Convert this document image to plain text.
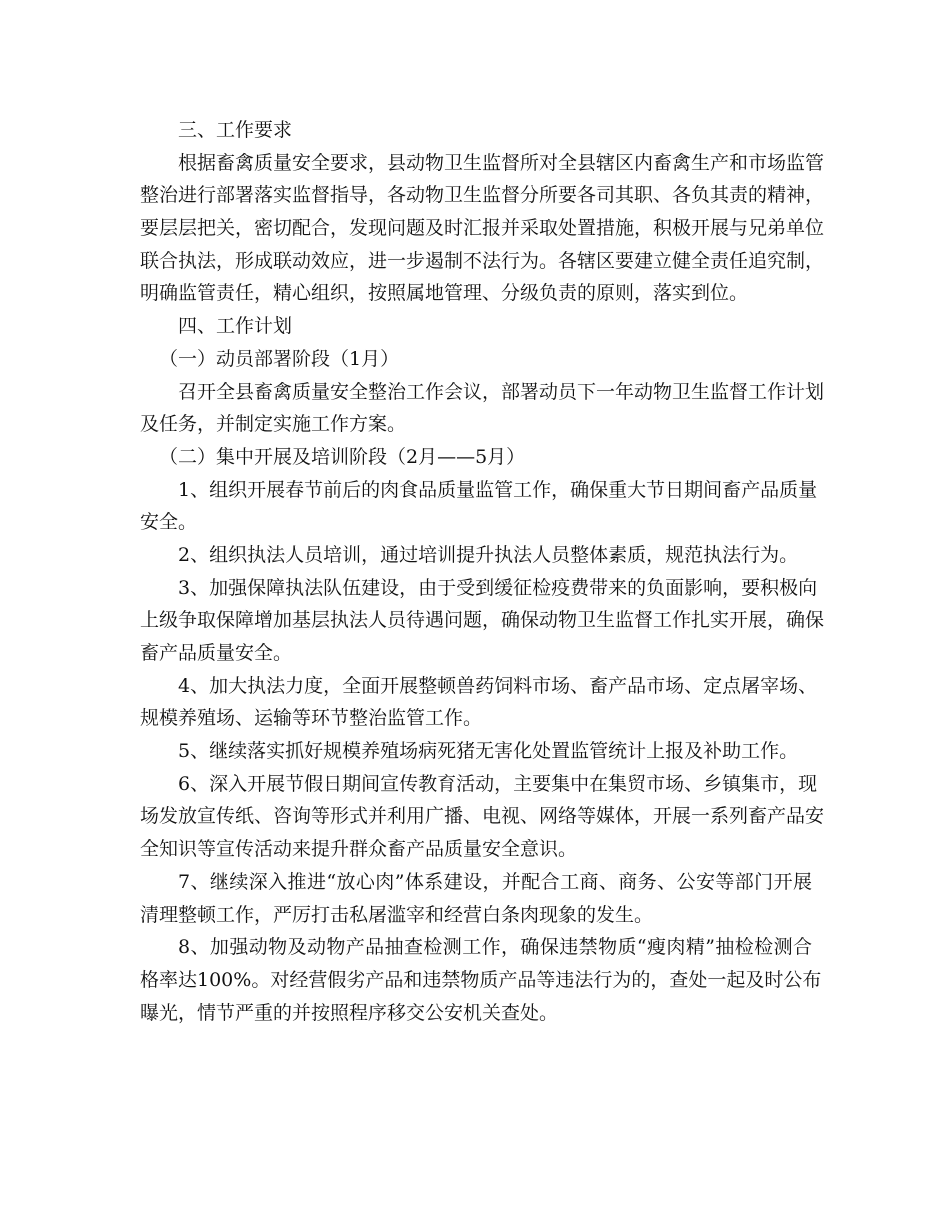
三、工作要求
根据畜禽质量安全要求，县动物卫生监督所对全县辖区内畜禽生产和市场监管
整治进行部署落实监督指导，各动物卫生监督分所要各司其职、各负其责的精神，
要层层把关，密切配合，发现问题及时汇报并采取处置措施，积极开展与兄弟单位
联合执法，形成联动效应，进一步遏制不法行为。各辖区要建立健全责任追究制，
明确监管责任，精心组织，按照属地管理、分级负责的原则，落实到位。
四、工作计划
（一）动员部署阶段（1月）
召开全县畜禽质量安全整治工作会议，部署动员下一年动物卫生监督工作计划
及任务，并制定实施工作方案。
（二）集中开展及培训阶段（2月——5月）
1、组织开展春节前后的肉食品质量监管工作，确保重大节日期间畜产品质量
安全。
2、组织执法人员培训，通过培训提升执法人员整体素质，规范执法行为。
3、加强保障执法队伍建设，由于受到缓征检疫费带来的负面影响，要积极向
上级争取保障增加基层执法人员待遇问题，确保动物卫生监督工作扎实开展，确保
畜产品质量安全。
4、加大执法力度，全面开展整顿兽药饲料市场、畜产品市场、定点屠宰场、
规模养殖场、运输等环节整治监管工作。
5、继续落实抓好规模养殖场病死猪无害化处置监管统计上报及补助工作。
6、深入开展节假日期间宣传教育活动，主要集中在集贸市场、乡镇集市，现
场发放宣传纸、咨询等形式并利用广播、电视、网络等媒体，开展一系列畜产品安
全知识等宣传活动来提升群众畜产品质量安全意识。
7、继续深入推进“放心肉”体系建设，并配合工商、商务、公安等部门开展
清理整顿工作，严厉打击私屠滥宰和经营白条肉现象的发生。
8、加强动物及动物产品抽查检测工作，确保违禁物质“瘦肉精”抽检检测合
格率达100%。对经营假劣产品和违禁物质产品等违法行为的，查处一起及时公布
曝光，情节严重的并按照程序移交公安机关查处。
